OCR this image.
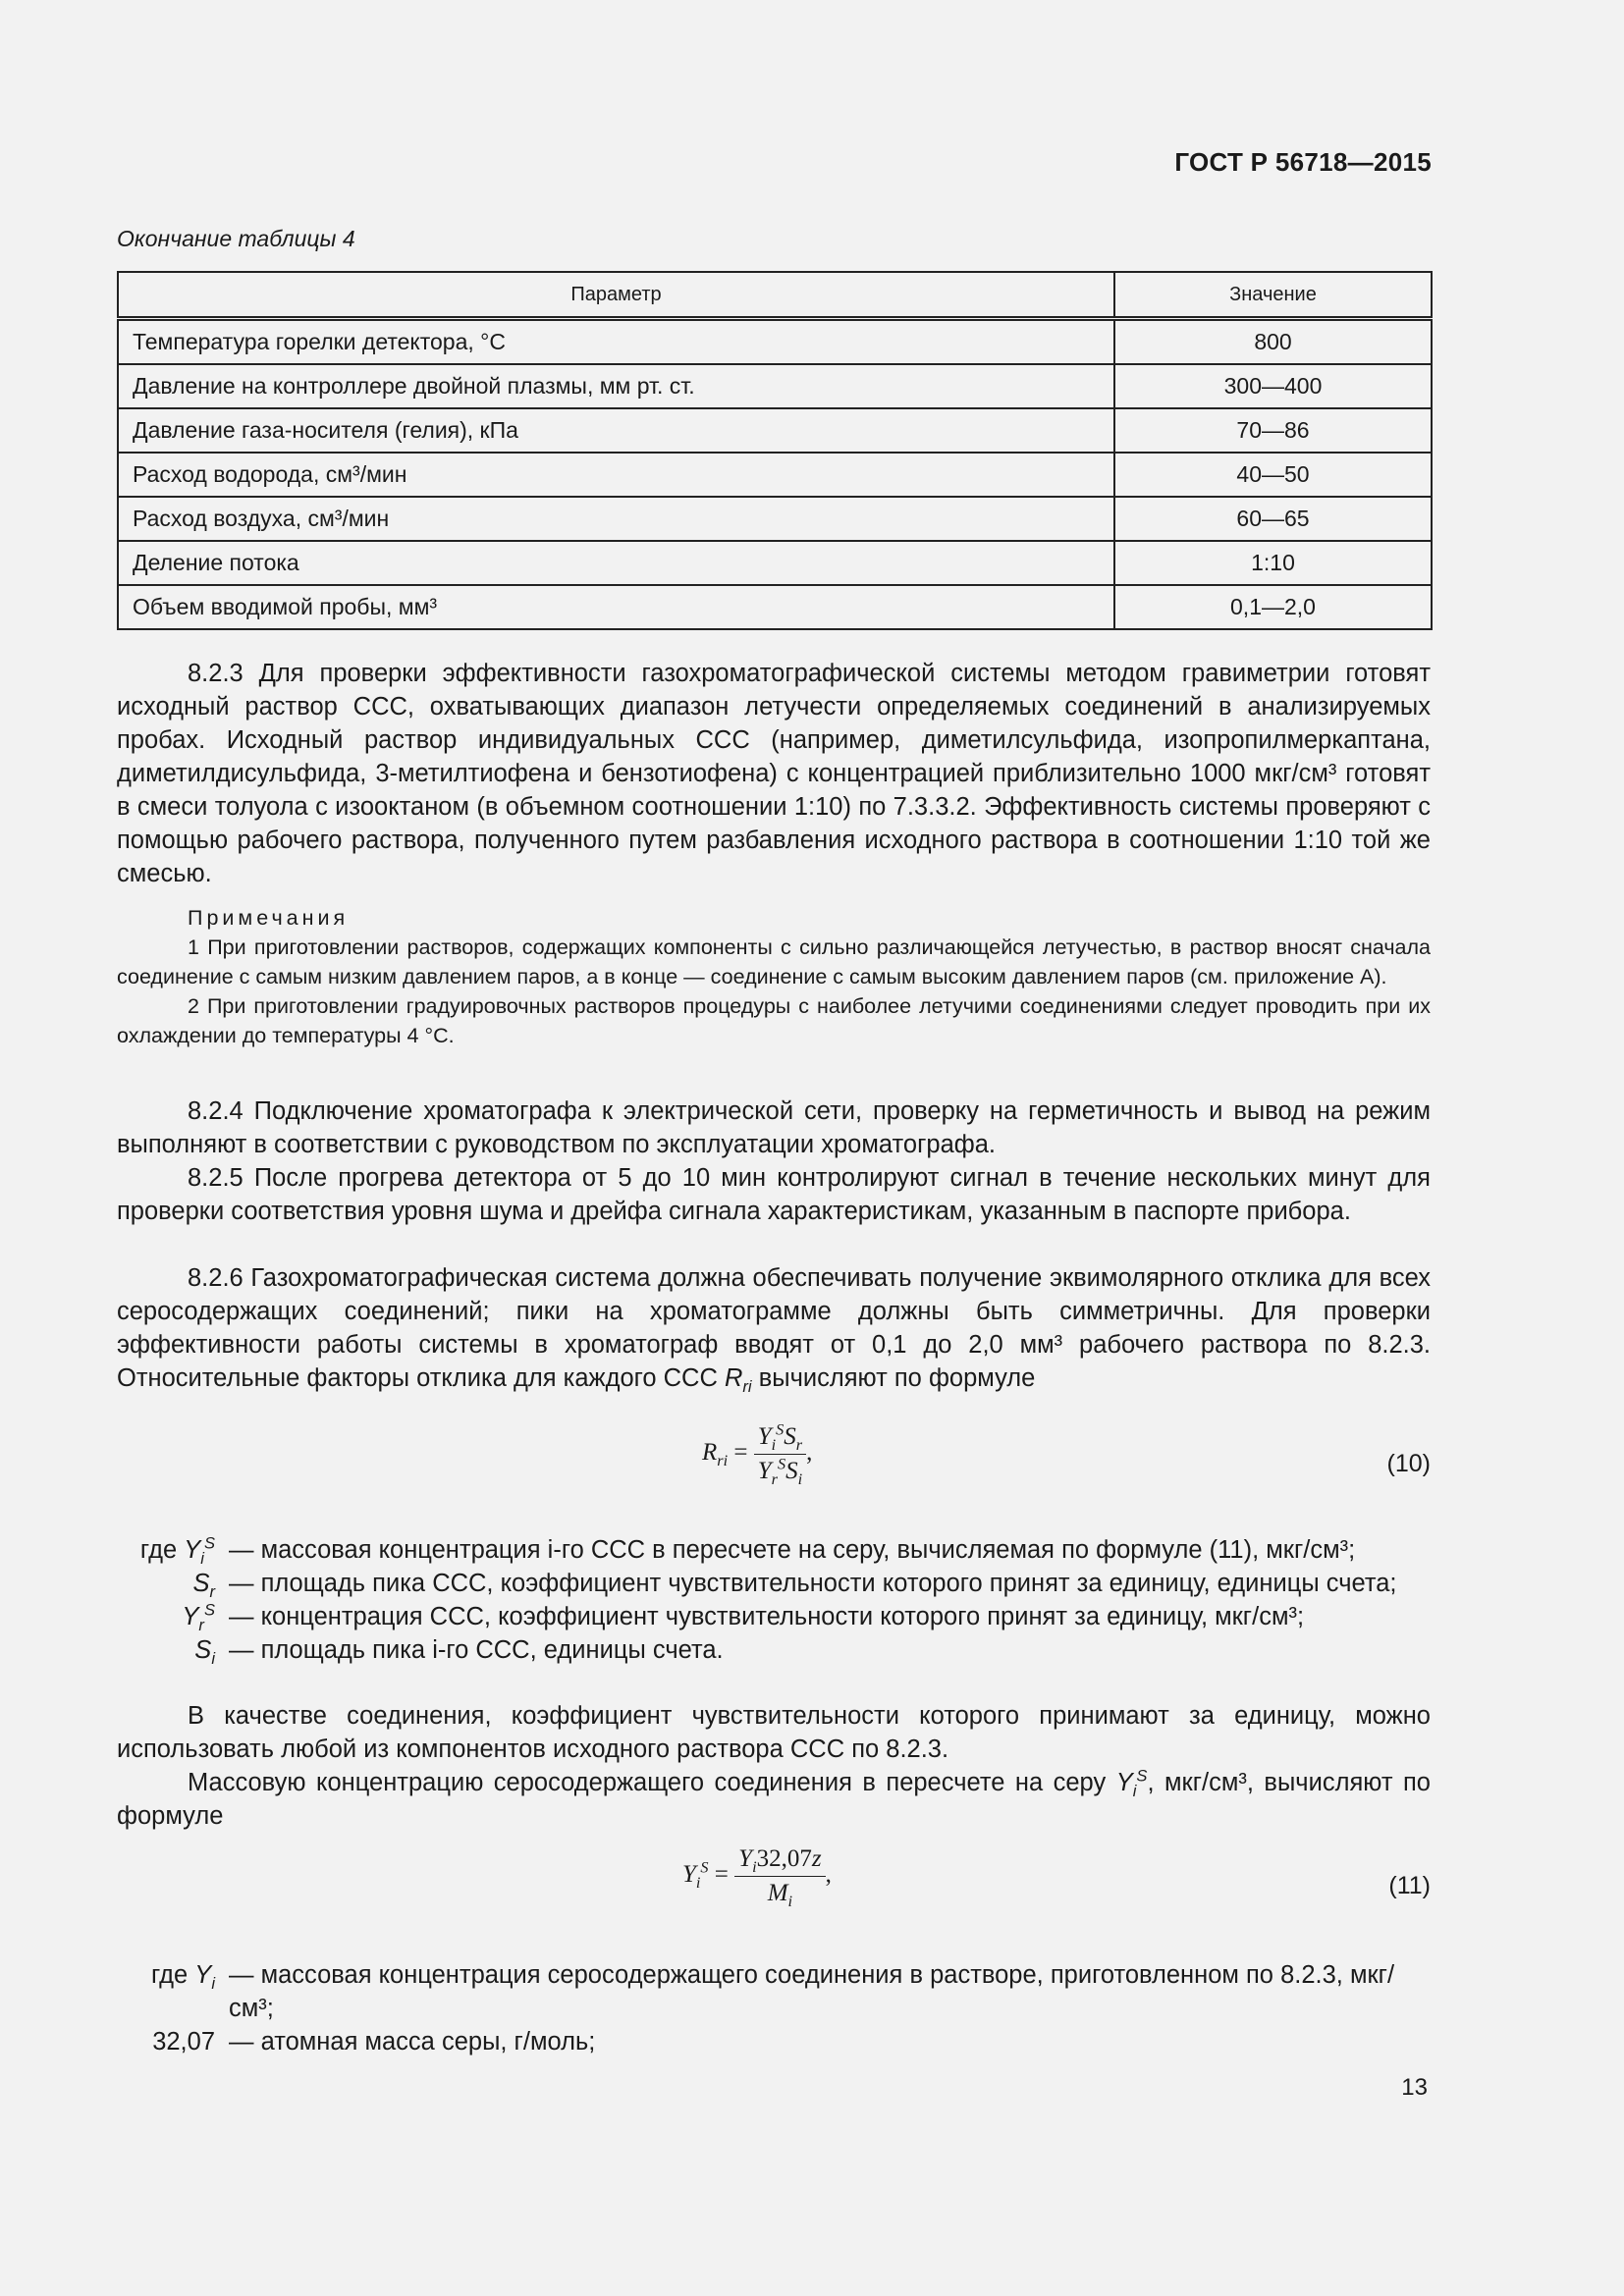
ГОСТ Р 56718—2015
Окончание таблицы 4
Параметр	Значение
Температура горелки детектора, °С	800
Давление на контроллере двойной плазмы, мм рт. ст.	300—400
Давление газа-носителя (гелия), кПа	70—86
Расход водорода, см³/мин	40—50
Расход воздуха, см³/мин	60—65
Деление потока	1:10
Объем вводимой пробы, мм³	0,1—2,0
8.2.3 Для проверки эффективности газохроматографической системы методом гравиметрии готовят исходный раствор ССС, охватывающих диапазон летучести определяемых соединений в анализируемых пробах. Исходный раствор индивидуальных ССС (например, диметилсульфида, изопропилмеркаптана, диметилдисульфида, 3-метилтиофена и бензотиофена) с концентрацией приблизительно 1000 мкг/см³ готовят в смеси толуола с изооктаном (в объемном соотношении 1:10) по 7.3.3.2. Эффективность системы проверяют с помощью рабочего раствора, полученного путем разбавления исходного раствора в соотношении 1:10 той же смесью.
Примечания
1 При приготовлении растворов, содержащих компоненты с сильно различающейся летучестью, в раствор вносят сначала соединение с самым низким давлением паров, а в конце — соединение с самым высоким давлением паров (см. приложение А).
2 При приготовлении градуировочных растворов процедуры с наиболее летучими соединениями следует проводить при их охлаждении до температуры 4 °С.
8.2.4 Подключение хроматографа к электрической сети, проверку на герметичность и вывод на режим выполняют в соответствии с руководством по эксплуатации хроматографа.
8.2.5 После прогрева детектора от 5 до 10 мин контролируют сигнал в течение нескольких минут для проверки соответствия уровня шума и дрейфа сигнала характеристикам, указанным в паспорте прибора.
8.2.6 Газохроматографическая система должна обеспечивать получение эквимолярного отклика для всех серосодержащих соединений; пики на хроматограмме должны быть симметричны. Для проверки эффективности работы системы в хроматограф вводят от 0,1 до 2,0 мм³ рабочего раствора по 8.2.3. Относительные факторы отклика для каждого ССС $R_{ri}$ вычисляют по формуле
$R_{ri} = \frac{Y_i^SS_r}{Y_r^SS_i}$ ,	(10)
где $Y_i^S$ — массовая концентрация i-го ССС в пересчете на серу, вычисляемая по формуле (11), мкг/см³;
$S_r$ — площадь пика ССС, коэффициент чувствительности которого принят за единицу, единицы счета;
$Y_r^S$ — концентрация ССС, коэффициент чувствительности которого принят за единицу, мкг/см³;
$S_i$ — площадь пика i-го ССС, единицы счета.
В качестве соединения, коэффициент чувствительности которого принимают за единицу, можно использовать любой из компонентов исходного раствора ССС по 8.2.3.
Массовую концентрацию серосодержащего соединения в пересчете на серу $Y_i^S$, мкг/см³, вычисляют по формуле
$Y_i^S = \frac{Y_i32,07z}{M_i}$ ,	(11)
где $Y_i$ — массовая концентрация серосодержащего соединения в растворе, приготовленном по 8.2.3, мкг/см³;
32,07 — атомная масса серы, г/моль;
13
